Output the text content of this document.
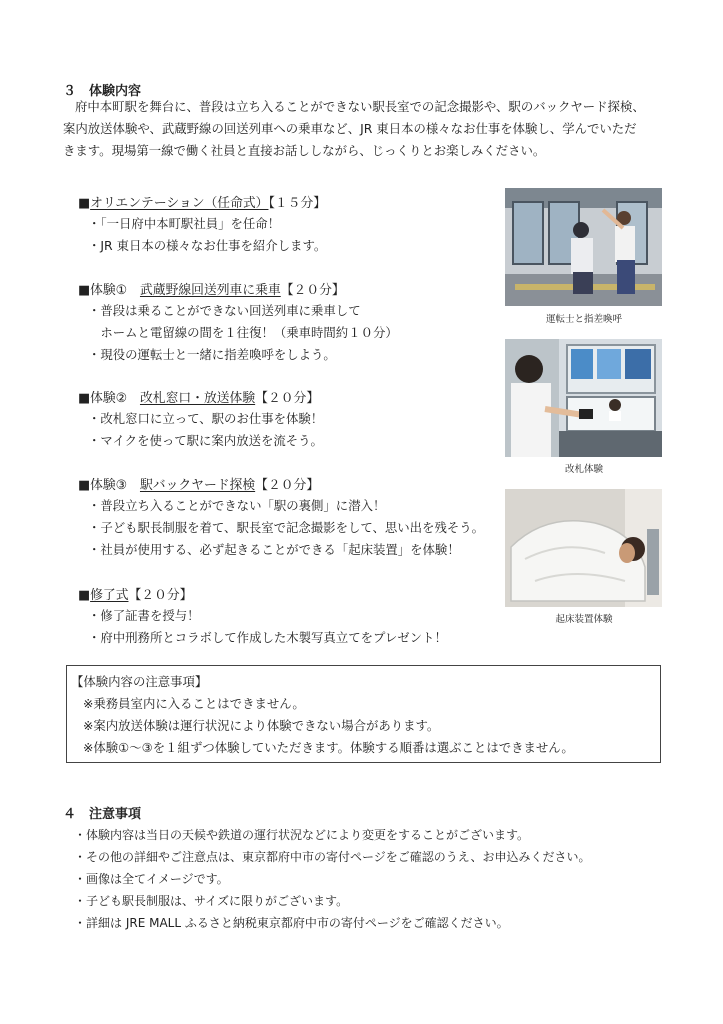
３　体験内容
府中本町駅を舞台に、普段は立ち入ることができない駅長室での記念撮影や、駅のバックヤード探検、
案内放送体験や、武蔵野線の回送列車への乗車など、JR 東日本の様々なお仕事を体験し、学んでいただ
きます。現場第一線で働く社員と直接お話ししながら、じっくりとお楽しみください。
■オリエンテーション（任命式）【１５分】
・「一日府中本町駅社員」を任命！
・JR 東日本の様々なお仕事を紹介します。
■体験①　武蔵野線回送列車に乗車【２０分】
・普段は乗ることができない回送列車に乗車して
　ホームと電留線の間を１往復！（乗車時間約１０分）
・現役の運転士と一緒に指差喚呼をしよう。
■体験②　改札窓口・放送体験【２０分】
・改札窓口に立って、駅のお仕事を体験！
・マイクを使って駅に案内放送を流そう。
■体験③　駅バックヤード探検【２０分】
・普段立ち入ることができない「駅の裏側」に潜入！
・子ども駅長制服を着て、駅長室で記念撮影をして、思い出を残そう。
・社員が使用する、必ず起きることができる「起床装置」を体験！
■修了式【２０分】
・修了証書を授与！
・府中刑務所とコラボして作成した木製写真立てをプレゼント！
運転士と指差喚呼
改札体験
起床装置体験
【体験内容の注意事項】
※乗務員室内に入ることはできません。
※案内放送体験は運行状況により体験できない場合があります。
※体験①～③を１組ずつ体験していただきます。体験する順番は選ぶことはできません。
４　注意事項
・体験内容は当日の天候や鉄道の運行状況などにより変更をすることがございます。
・その他の詳細やご注意点は、東京都府中市の寄付ページをご確認のうえ、お申込みください。
・画像は全てイメージです。
・子ども駅長制服は、サイズに限りがございます。
・詳細は JRE MALL ふるさと納税東京都府中市の寄付ページをご確認ください。
